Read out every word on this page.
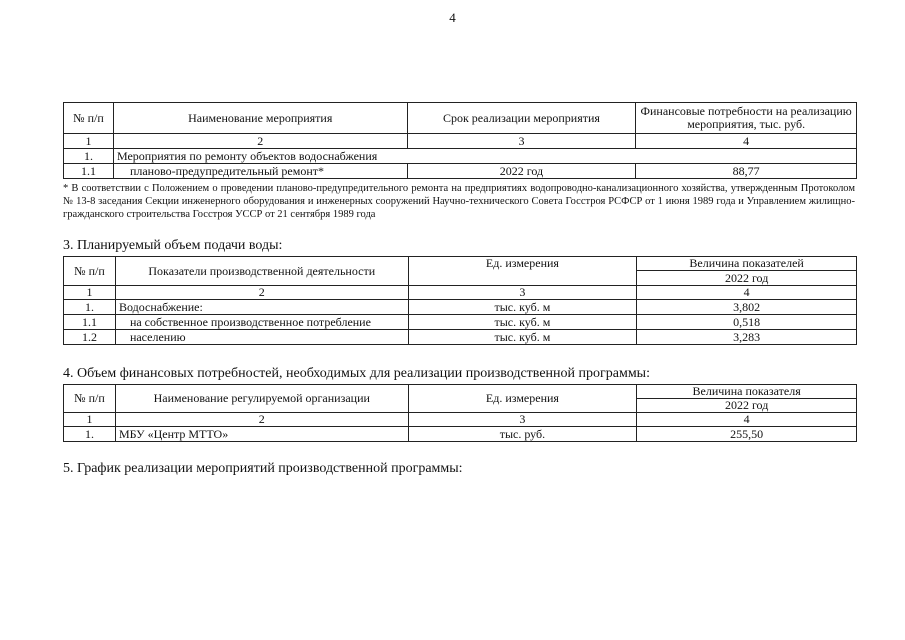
4
№ п/п	Наименование мероприятия	Срок реализации мероприятия	Финансовые потребности на реализацию мероприятия, тыс. руб.
1	2	3	4
1.	Мероприятия по ремонту объектов водоснабжения		
1.1	планово-предупредительный ремонт*	2022 год	88,77
* В соответствии с Положением о проведении планово-предупредительного ремонта на предприятиях водопроводно-канализационного хозяйства, утвержденным Протоколом № 13-8 заседания Секции инженерного оборудования и инженерных сооружений Научно-технического Совета Госстроя РСФСР от 1 июня 1989 года и Управлением жилищно-гражданского строительства Госстроя УССР от 21 сентября 1989 года
3. Планируемый объем подачи воды:
№ п/п	Показатели производственной деятельности	Ед. измерения	Величина показателей
			2022 год
1	2	3	4
1.	Водоснабжение:	тыс. куб. м	3,802
1.1	на собственное производственное потребление	тыс. куб. м	0,518
1.2	населению	тыс. куб. м	3,283
4. Объем финансовых потребностей, необходимых для реализации производственной программы:
№ п/п	Наименование регулируемой организации	Ед. измерения	Величина показателя
			2022 год
1	2	3	4
1.	МБУ «Центр МТТО»	тыс. руб.	255,50
5. График реализации мероприятий производственной программы:
